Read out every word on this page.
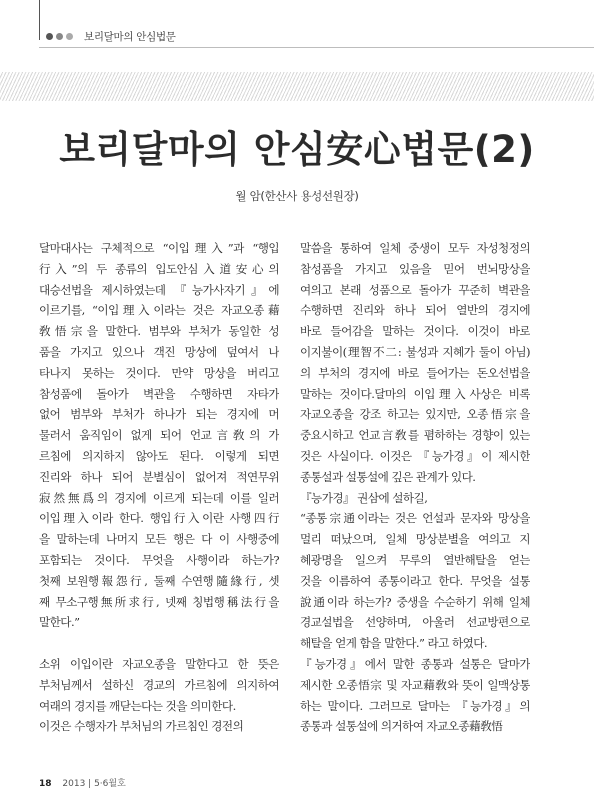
보리달마의 안심법문
보리달마의 안심安心법문(2)
월 암(한산사 용성선원장)
달마대사는 구체적으로 “이입理入”과 “행입
行入”의 두 종류의 입도안심入道安心의
대승선법을 제시하였는데 『능가사자기』에
이르기를, “이입理入이라는 것은 자교오종藉
敎悟宗을 말한다. 범부와 부처가 동일한 성
품을 가지고 있으나 객진 망상에 덮여서 나
타나지 못하는 것이다. 만약 망상을 버리고
참성품에 돌아가 벽관을 수행하면 자타가
없어 범부와 부처가 하나가 되는 경지에 머
물러서 움직임이 없게 되어 언교言敎의 가
르침에 의지하지 않아도 된다. 이렇게 되면
진리와 하나 되어 분별심이 없어져 적연무위
寂然無爲의 경지에 이르게 되는데 이를 일러
이입理入이라 한다. 행입行入이란 사행四行
을 말하는데 나머지 모든 행은 다 이 사행중에
포함되는 것이다. 무엇을 사행이라 하는가?
첫째 보원행報怨行, 둘째 수연행隨緣行, 셋
째 무소구행無所求行, 넷째 칭법행稱法行을
말한다.”
소위 이입이란 자교오종을 말한다고 한 뜻은
부처님께서 설하신 경교의 가르침에 의지하여
여래의 경지를 깨닫는다는 것을 의미한다.
이것은 수행자가 부처님의 가르침인 경전의
말씀을 통하여 일체 중생이 모두 자성청정의
참성품을 가지고 있음을 믿어 번뇌망상을
여의고 본래 성품으로 돌아가 꾸준히 벽관을
수행하면 진리와 하나 되어 열반의 경지에
바로 들어감을 말하는 것이다. 이것이 바로
이지불이(理智不二: 불성과 지혜가 둘이 아님)
의 부처의 경지에 바로 들어가는 돈오선법을
말하는 것이다.달마의 이입理入사상은 비록
자교오종을 강조 하고는 있지만, 오종悟宗을
중요시하고 언교言敎를 폄하하는 경향이 있는
것은 사실이다. 이것은 『능가경』이 제시한
종통설과 설통설에 깊은 관계가 있다.
『능가경』 권삼에 설하길,
“종통宗通이라는 것은 언설과 문자와 망상을
멀리 떠났으며, 일체 망상분별을 여의고 지
혜광명을 일으켜 무루의 열반해탈을 얻는
것을 이름하여 종통이라고 한다. 무엇을 설통
說通이라 하는가? 중생을 수순하기 위해 일체
경교설법을 선양하며, 아울러 선교방편으로
해탈을 얻게 함을 말한다.” 라고 하였다.
『능가경』에서 말한 종통과 설통은 달마가
제시한 오종悟宗 및 자교藉敎와 뜻이 일맥상통
하는 말이다. 그러므로 달마는 『능가경』의
종통과 설통설에 의거하여 자교오종藉敎悟
18 2013 | 5·6월호
